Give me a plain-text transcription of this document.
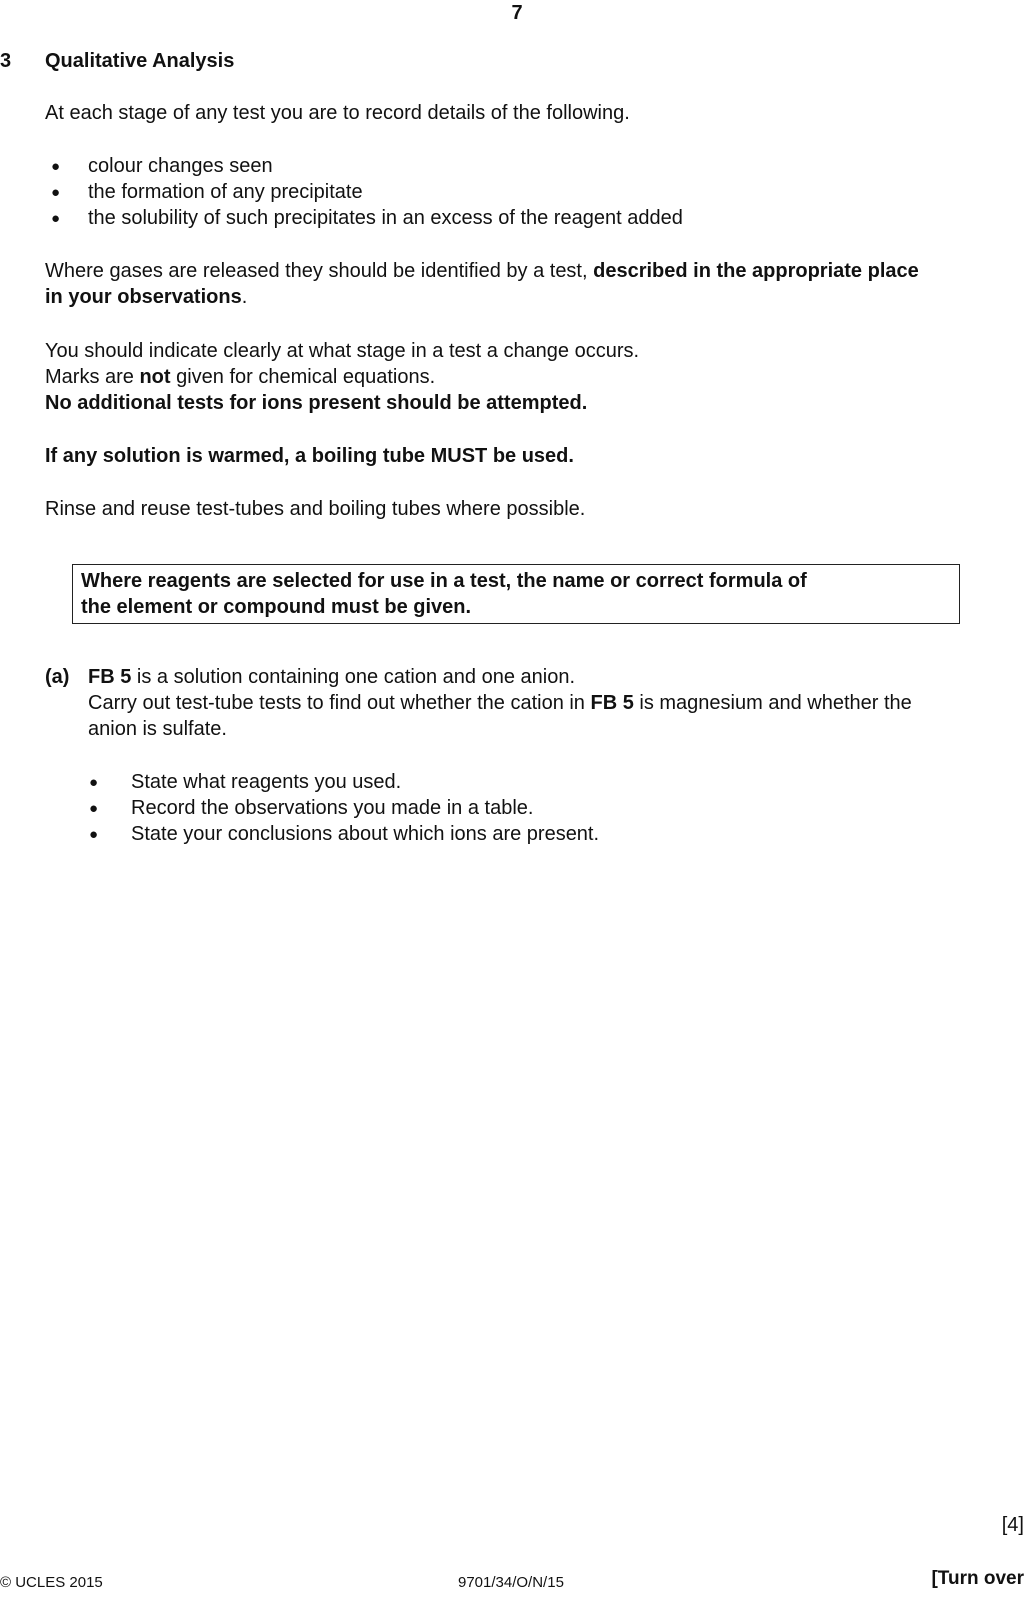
7
3 Qualitative Analysis
At each stage of any test you are to record details of the following.
● colour changes seen
● the formation of any precipitate
● the solubility of such precipitates in an excess of the reagent added
Where gases are released they should be identified by a test, described in the appropriate place
in your observations.
You should indicate clearly at what stage in a test a change occurs.
Marks are not given for chemical equations.
No additional tests for ions present should be attempted.
If any solution is warmed, a boiling tube MUST be used.
Rinse and reuse test-tubes and boiling tubes where possible.
Where reagents are selected for use in a test, the name or correct formula of
the element or compound must be given.
(a) FB 5 is a solution containing one cation and one anion.
Carry out test-tube tests to find out whether the cation in FB 5 is magnesium and whether the
anion is sulfate.
● State what reagents you used.
● Record the observations you made in a table.
● State your conclusions about which ions are present.
[4]
© UCLES 2015	9701/34/O/N/15	[Turn over
